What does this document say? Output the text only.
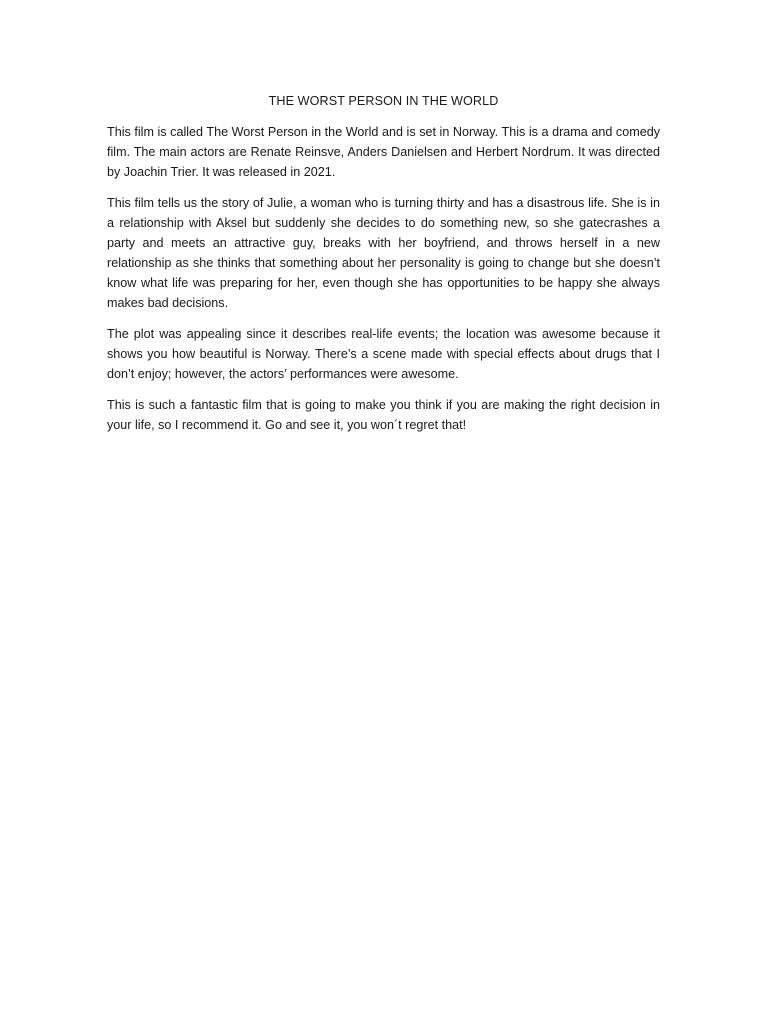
THE WORST PERSON IN THE WORLD

This film is called The Worst Person in the World and is set in Norway. This is a drama and comedy film. The main actors are Renate Reinsve, Anders Danielsen and Herbert Nordrum. It was directed by Joachin Trier. It was released in 2021.

This film tells us the story of Julie, a woman who is turning thirty and has a disastrous life. She is in a relationship with Aksel but suddenly she decides to do something new, so she gatecrashes a party and meets an attractive guy, breaks with her boyfriend, and throws herself in a new relationship as she thinks that something about her personality is going to change but she doesn’t know what life was preparing for her, even though she has opportunities to be happy she always makes bad decisions.

The plot was appealing since it describes real-life events; the location was awesome because it shows you how beautiful is Norway. There’s a scene made with special effects about drugs that I don’t enjoy; however, the actors’ performances were awesome.

This is such a fantastic film that is going to make you think if you are making the right decision in your life, so I recommend it. Go and see it, you won´t regret that!
